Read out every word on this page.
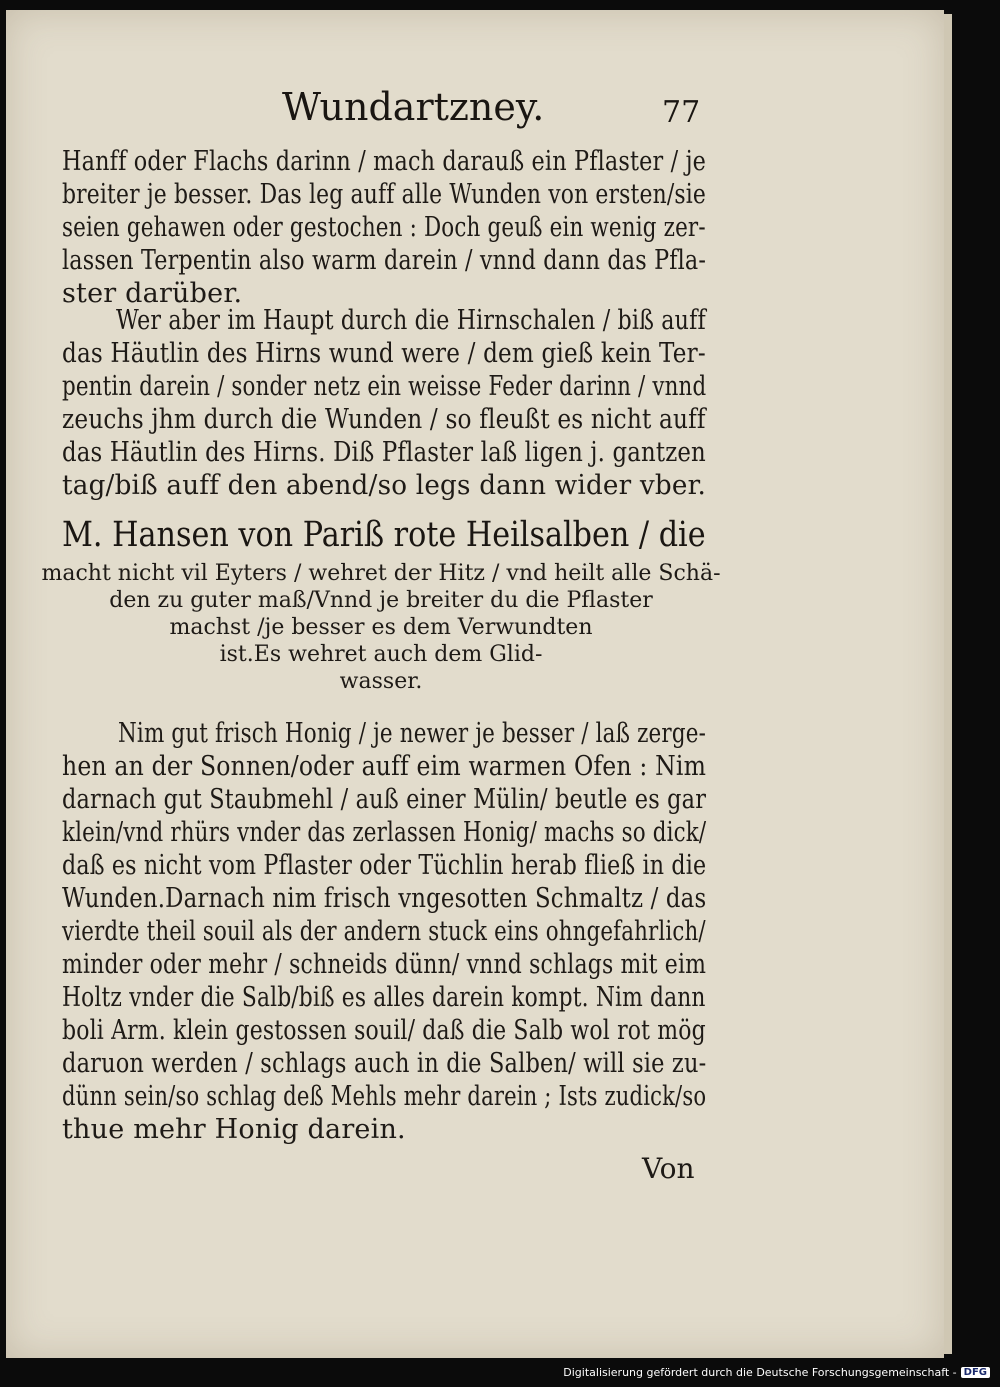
Wundartzney.	77
Hanff oder Flachs darinn / mach darauß ein Pflaster / je
breiter je besser. Das leg auff alle Wunden von ersten/sie
seien gehawen oder gestochen : Doch geuß ein wenig zer-
lassen Terpentin also warm darein / vnnd dann das Pfla-
ster darüber.
Wer aber im Haupt durch die Hirnschalen / biß auff
das Häutlin des Hirns wund were / dem gieß kein Ter-
pentin darein / sonder netz ein weisse Feder darinn / vnnd
zeuchs jhm durch die Wunden / so fleußt es nicht auff
das Häutlin des Hirns. Diß Pflaster laß ligen j. gantzen
tag/biß auff den abend/so legs dann wider vber.
M. Hansen von Pariß rote Heilsalben / die
macht nicht vil Eyters / wehret der Hitz / vnd heilt alle Schä-
den zu guter maß/Vnnd je breiter du die Pflaster
machst /je besser es dem Verwundten
ist.Es wehret auch dem Glid-
wasser.
Nim gut frisch Honig / je newer je besser / laß zerge-
hen an der Sonnen/oder auff eim warmen Ofen : Nim
darnach gut Staubmehl / auß einer Mülin/ beutle es gar
klein/vnd rhürs vnder das zerlassen Honig/ machs so dick/
daß es nicht vom Pflaster oder Tüchlin herab fließ in die
Wunden.Darnach nim frisch vngesotten Schmaltz / das
vierdte theil souil als der andern stuck eins ohngefahrlich/
minder oder mehr / schneids dünn/ vnnd schlags mit eim
Holtz vnder die Salb/biß es alles darein kompt. Nim dann
boli Arm. klein gestossen souil/ daß die Salb wol rot mög
daruon werden / schlags auch in die Salben/ will sie zu-
dünn sein/so schlag deß Mehls mehr darein ; Ists zudick/so
thue mehr Honig darein.
Von
Digitalisierung gefördert durch die Deutsche Forschungsgemeinschaft - DFG
